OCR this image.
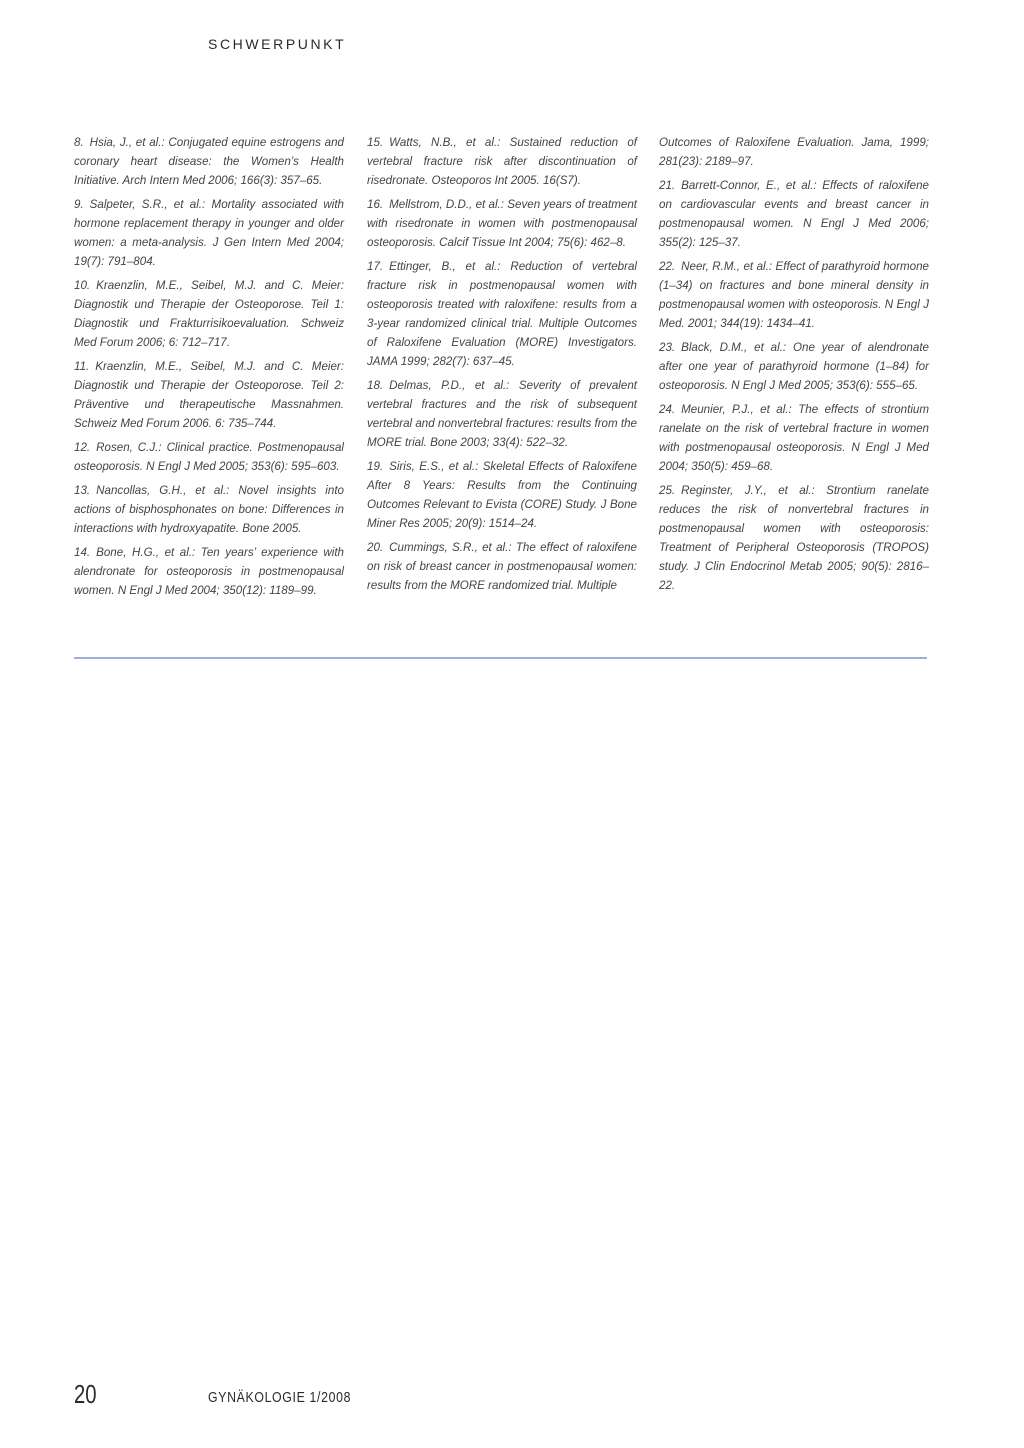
SCHWERPUNKT

8. Hsia, J., et al.: Conjugated equine estrogens and coronary heart disease: the Women’s Health Initiative. Arch Intern Med 2006; 166(3): 357–65.

9. Salpeter, S.R., et al.: Mortality associated with hormone replacement therapy in younger and older women: a meta-analysis. J Gen Intern Med 2004; 19(7): 791–804.

10. Kraenzlin, M.E., Seibel, M.J. and C. Meier: Diagnostik und Therapie der Osteoporose. Teil 1: Diagnostik und Frakturrisikoevaluation. Schweiz Med Forum 2006; 6: 712–717.

11. Kraenzlin, M.E., Seibel, M.J. and C. Meier: Diagnostik und Therapie der Osteoporose. Teil 2: Präventive und therapeutische Massnahmen. Schweiz Med Forum 2006. 6: 735–744.

12. Rosen, C.J.: Clinical practice. Postmenopausal osteoporosis. N Engl J Med 2005; 353(6): 595–603.

13. Nancollas, G.H., et al.: Novel insights into actions of bisphosphonates on bone: Differences in interactions with hydroxyapatite. Bone 2005.

14. Bone, H.G., et al.: Ten years’ experience with alendronate for osteoporosis in postmenopausal women. N Engl J Med 2004; 350(12): 1189–99.

15. Watts, N.B., et al.: Sustained reduction of vertebral fracture risk after discontinuation of risedronate. Osteoporos Int 2005. 16(S7).

16. Mellstrom, D.D., et al.: Seven years of treatment with risedronate in women with postmenopausal osteoporosis. Calcif Tissue Int 2004; 75(6): 462–8.

17. Ettinger, B., et al.: Reduction of vertebral fracture risk in postmenopausal women with osteoporosis treated with raloxifene: results from a 3-year randomized clinical trial. Multiple Outcomes of Raloxifene Evaluation (MORE) Investigators. JAMA 1999; 282(7): 637–45.

18. Delmas, P.D., et al.: Severity of prevalent vertebral fractures and the risk of subsequent vertebral and nonvertebral fractures: results from the MORE trial. Bone 2003; 33(4): 522–32.

19. Siris, E.S., et al.: Skeletal Effects of Raloxifene After 8 Years: Results from the Continuing Outcomes Relevant to Evista (CORE) Study. J Bone Miner Res 2005; 20(9): 1514–24.

20. Cummings, S.R., et al.: The effect of raloxifene on risk of breast cancer in postmenopausal women: results from the MORE randomized trial. Multiple

Outcomes of Raloxifene Evaluation. Jama, 1999; 281(23): 2189–97.

21. Barrett-Connor, E., et al.: Effects of raloxifene on cardiovascular events and breast cancer in postmenopausal women. N Engl J Med 2006; 355(2): 125–37.

22. Neer, R.M., et al.: Effect of parathyroid hormone (1–34) on fractures and bone mineral density in postmenopausal women with osteoporosis. N Engl J Med. 2001; 344(19): 1434–41.

23. Black, D.M., et al.: One year of alendronate after one year of parathyroid hormone (1–84) for osteoporosis. N Engl J Med 2005; 353(6): 555–65.

24. Meunier, P.J., et al.: The effects of strontium ranelate on the risk of vertebral fracture in women with postmenopausal osteoporosis. N Engl J Med 2004; 350(5): 459–68.

25. Reginster, J.Y., et al.: Strontium ranelate reduces the risk of nonvertebral fractures in postmenopausal women with osteoporosis: Treatment of Peripheral Osteoporosis (TROPOS) study. J Clin Endocrinol Metab 2005; 90(5): 2816–22.

20	GYNÄKOLOGIE 1/2008
